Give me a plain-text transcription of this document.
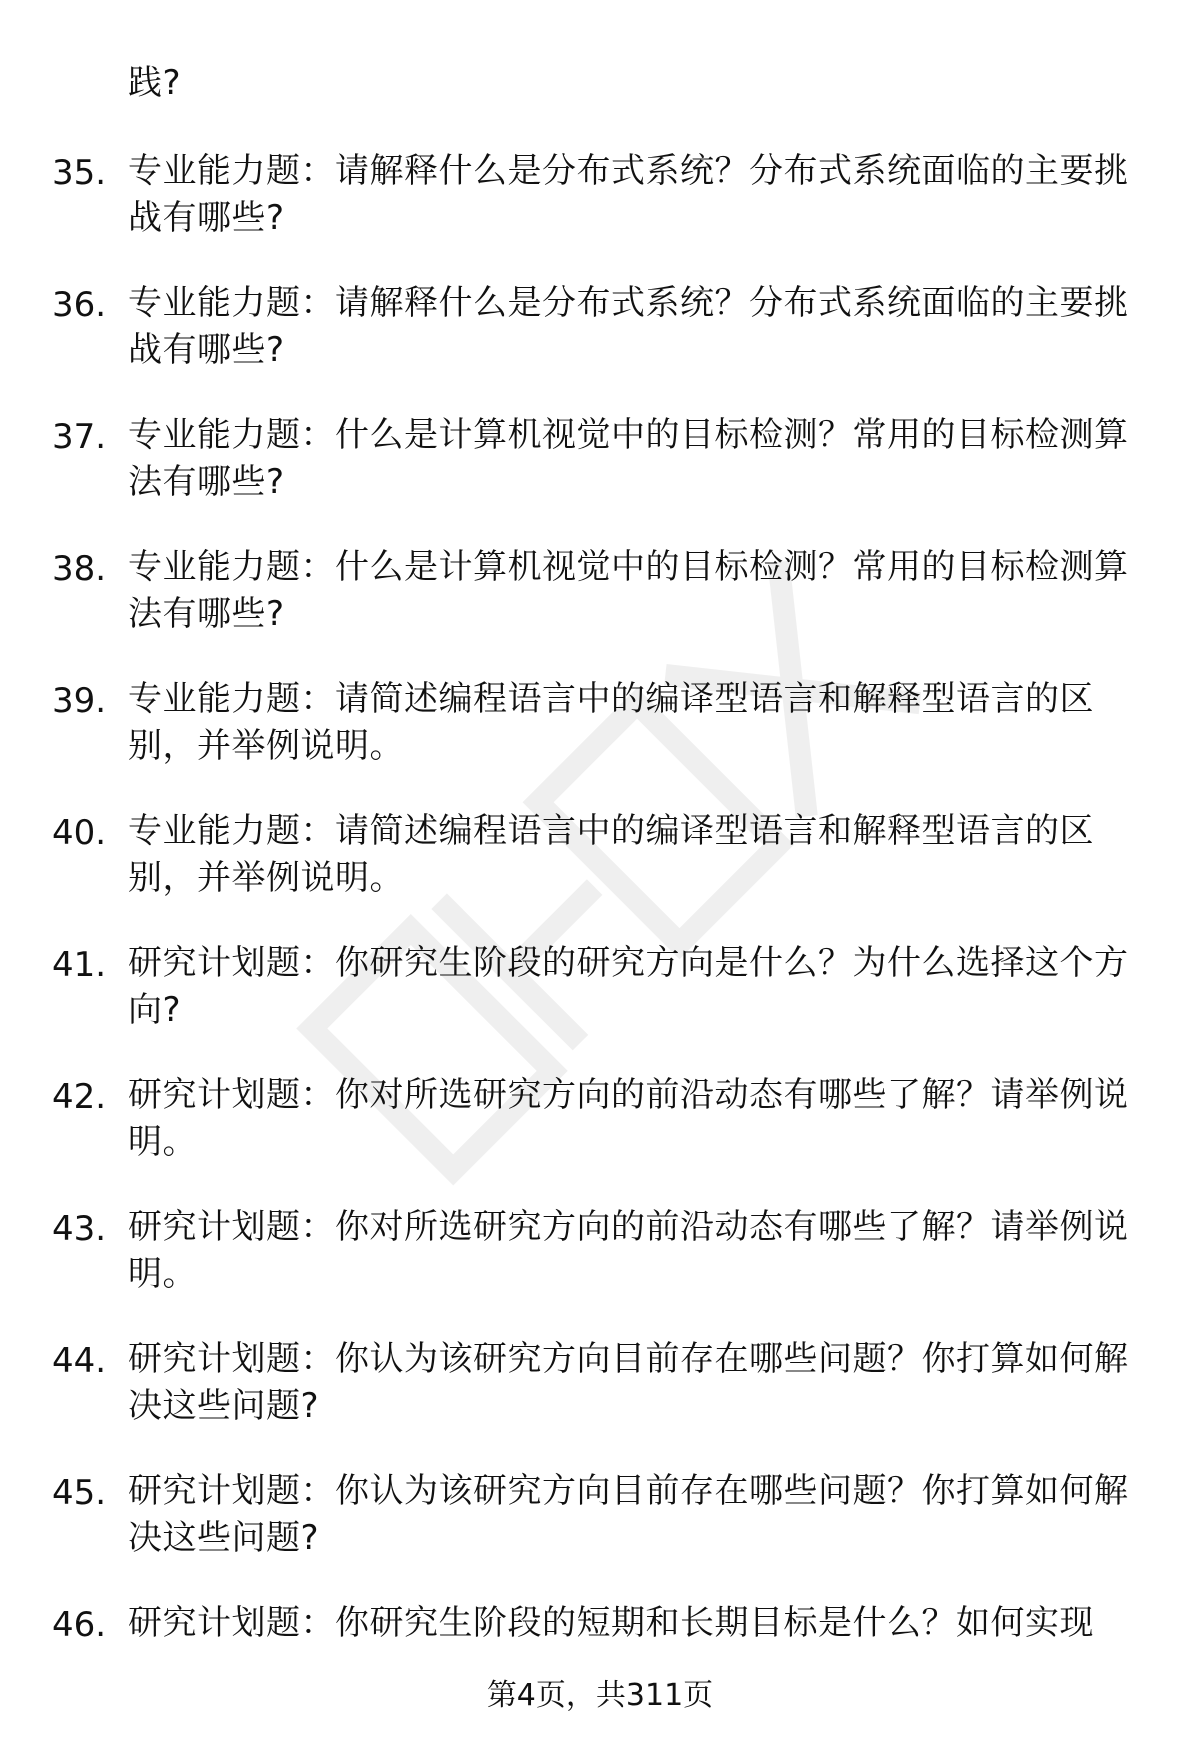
践?
35. 专业能力题：请解释什么是分布式系统？分布式系统面临的主要挑战有哪些?
36. 专业能力题：请解释什么是分布式系统？分布式系统面临的主要挑战有哪些?
37. 专业能力题：什么是计算机视觉中的目标检测？常用的目标检测算法有哪些?
38. 专业能力题：什么是计算机视觉中的目标检测？常用的目标检测算法有哪些?
39. 专业能力题：请简述编程语言中的编译型语言和解释型语言的区别，并举例说明。
40. 专业能力题：请简述编程语言中的编译型语言和解释型语言的区别，并举例说明。
41. 研究计划题：你研究生阶段的研究方向是什么？为什么选择这个方向?
42. 研究计划题：你对所选研究方向的前沿动态有哪些了解？请举例说明。
43. 研究计划题：你对所选研究方向的前沿动态有哪些了解？请举例说明。
44. 研究计划题：你认为该研究方向目前存在哪些问题？你打算如何解决这些问题?
45. 研究计划题：你认为该研究方向目前存在哪些问题？你打算如何解决这些问题?
46. 研究计划题：你研究生阶段的短期和长期目标是什么？如何实现
第4页，共311页
